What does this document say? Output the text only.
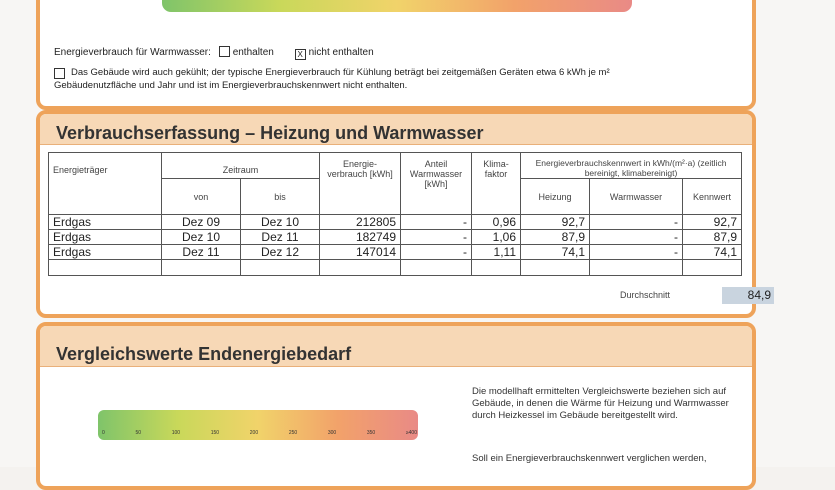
Energieverbrauch für Warmwasser: enthalten	X nicht enthalten
Das Gebäude wird auch gekühlt; der typische Energieverbrauch für Kühlung beträgt bei zeitgemäßen Geräten etwa 6 kWh je m² Gebäudenutzfläche und Jahr und ist im Energieverbrauchskennwert nicht enthalten.
Verbrauchserfassung – Heizung und Warmwasser
Energieträger	Zeitraum		Energie-verbrauch [kWh]	Anteil Warmwasser [kWh]	Klima-faktor	Energieverbrauchskennwert in kWh/(m²·a) (zeitlich bereinigt, klimabereinigt)		
	von	bis				Heizung	Warmwasser	Kennwert
Erdgas	Dez 09	Dez 10	212805	-	0,96	92,7	-	92,7
Erdgas	Dez 10	Dez 11	182749	-	1,06	87,9	-	87,9
Erdgas	Dez 11	Dez 12	147014	-	1,11	74,1	-	74,1

Durchschnitt	84,9
Vergleichswerte Endenergiebedarf
0	50	100	150	200	250	300	350	≥400
Die modellhaft ermittelten Vergleichswerte beziehen sich auf Gebäude, in denen die Wärme für Heizung und Warmwasser durch Heizkessel im Gebäude bereitgestellt wird.
Soll ein Energieverbrauchskennwert verglichen werden,
